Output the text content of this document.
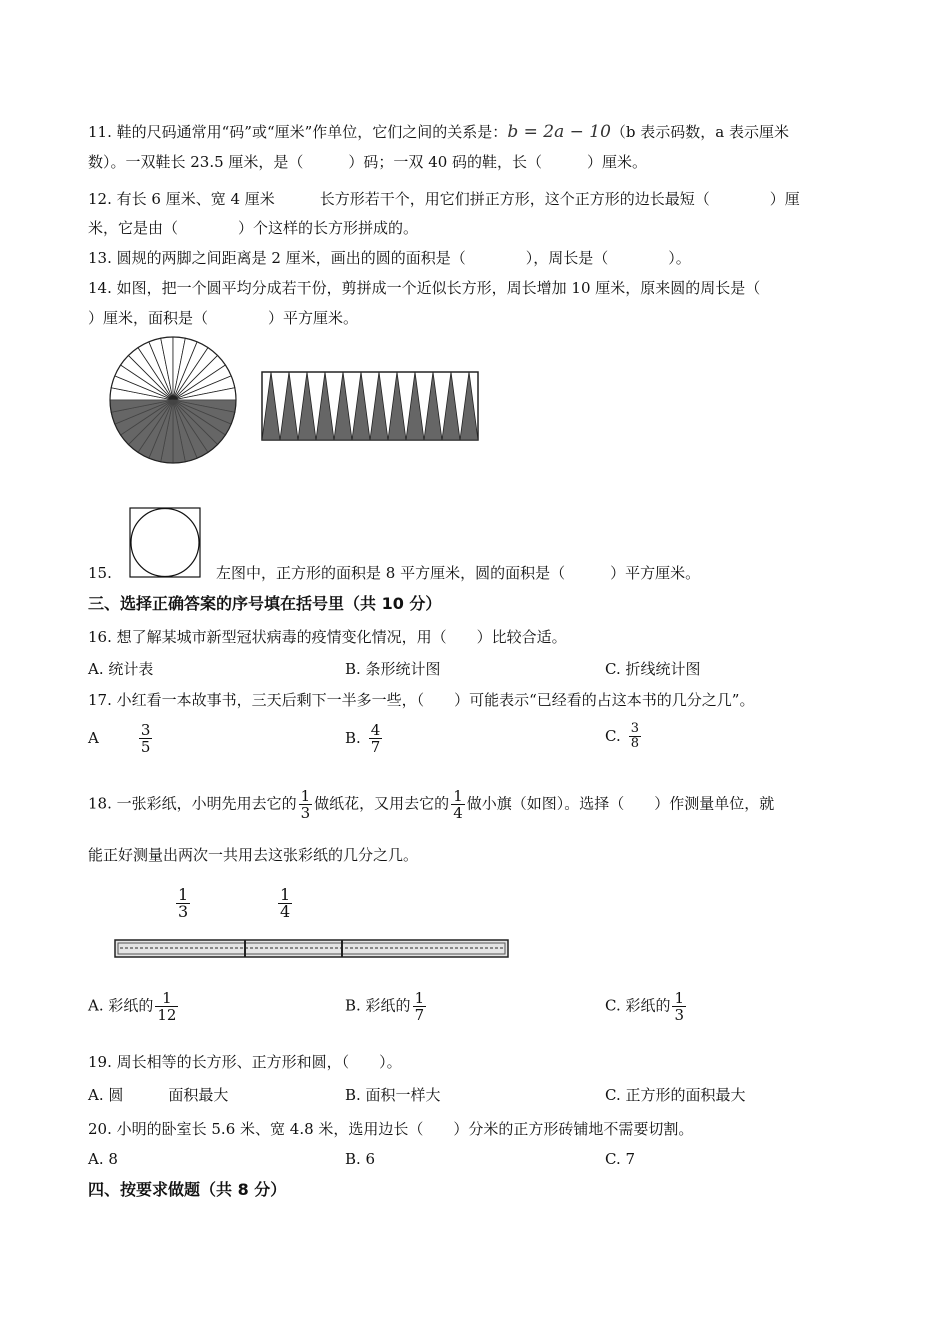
11. 鞋的尺码通常用“码”或“厘米”作单位，它们之间的关系是：b = 2a − 10（b 表示码数，a 表示厘米
数）。一双鞋长 23.5 厘米，是（　　　）码；一双 40 码的鞋，长（　　　）厘米。
12. 有长 6 厘米、宽 4 厘米　　　长方形若干个，用它们拼正方形，这个正方形的边长最短（　　　　）厘
米，它是由（　　　　）个这样的长方形拼成的。
13. 圆规的两脚之间距离是 2 厘米，画出的圆的面积是（　　　　），周长是（　　　　）。
14. 如图，把一个圆平均分成若干份，剪拼成一个近似长方形，周长增加 10 厘米，原来圆的周长是（
）厘米，面积是（　　　　）平方厘米。
15.	左图中，正方形的面积是 8 平方厘米，圆的面积是（　　　）平方厘米。
三、选择正确答案的序号填在括号里（共 10 分）
16. 想了解某城市新型冠状病毒的疫情变化情况，用（　　）比较合适。
A. 统计表	B. 条形统计图	C. 折线统计图
17. 小红看一本故事书，三天后剩下一半多一些，（　　）可能表示“已经看的占这本书的几分之几”。
A	$\frac{3}{5}$	B. $\frac{4}{7}$	C. $\frac{3}{8}$
18. 一张彩纸，小明先用去它的 $\frac{1}{3}$ 做纸花，又用去它的 $\frac{1}{4}$ 做小旗（如图）。选择（　　）作测量单位，就
能正好测量出两次一共用去这张彩纸的几分之几。
$\frac{1}{3}$	$\frac{1}{4}$
A. 彩纸的 $\frac{1}{12}$	B. 彩纸的 $\frac{1}{7}$	C. 彩纸的 $\frac{1}{3}$
19. 周长相等的长方形、正方形和圆，（　　）。
A. 圆　　　面积最大	B. 面积一样大	C. 正方形的面积最大
20. 小明的卧室长 5.6 米、宽 4.8 米，选用边长（　　）分米的正方形砖铺地不需要切割。
A. 8	B. 6	C. 7
四、按要求做题（共 8 分）
